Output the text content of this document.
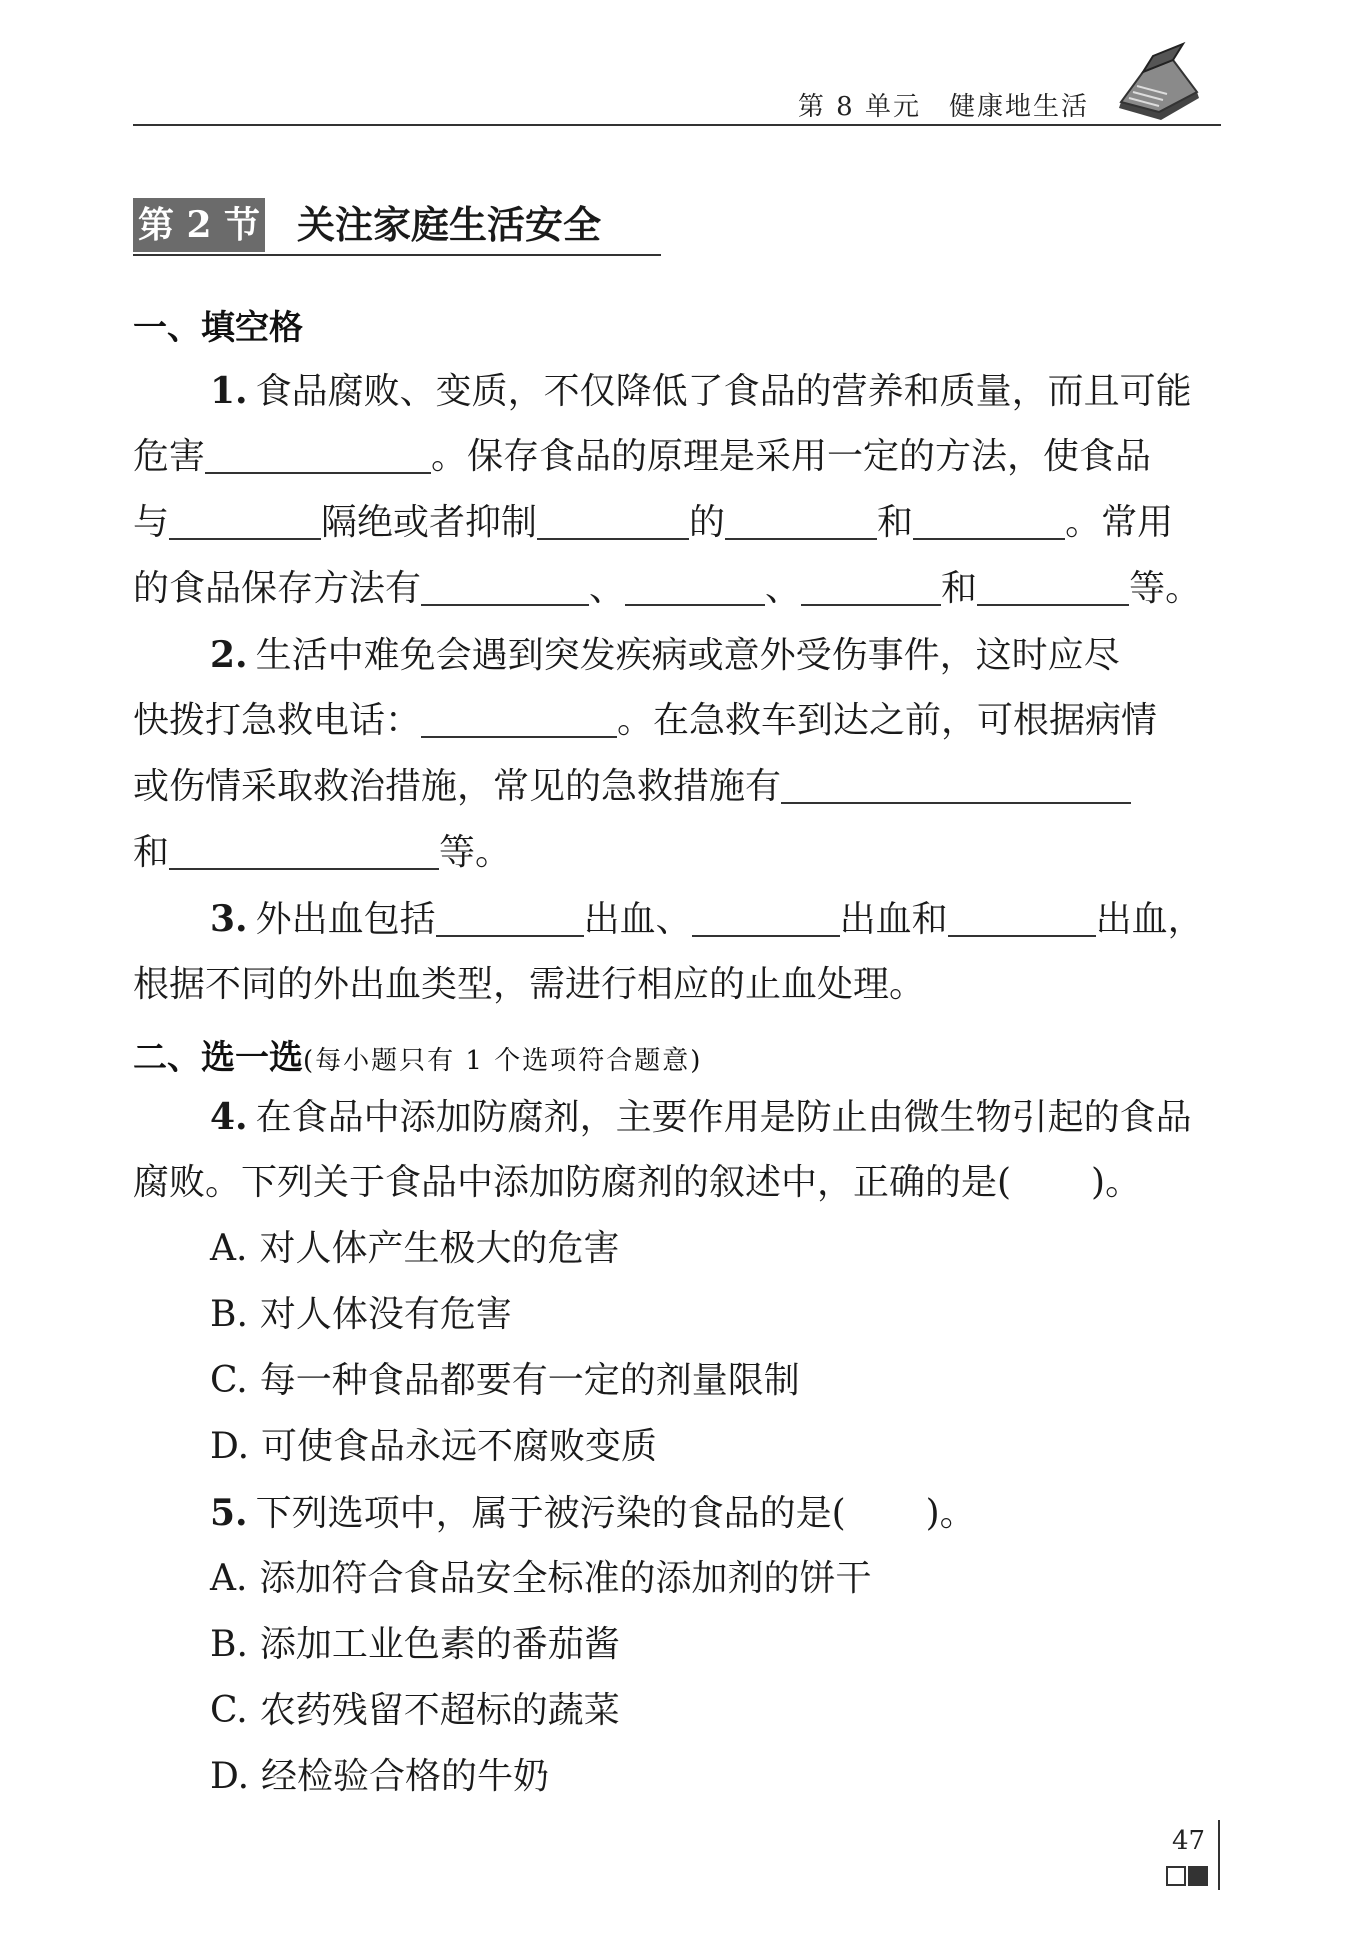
第 8 单元　健康地生活
第 2 节 关注家庭生活安全
一、填空格
1. 食品腐败、变质，不仅降低了食品的营养和质量，而且可能
危害	。保存食品的原理是采用一定的方法，使食品
与	隔绝或者抑制	的	和	。常用
的食品保存方法有	、	、	和	等。
2. 生活中难免会遇到突发疾病或意外受伤事件，这时应尽
快拨打急救电话：	。在急救车到达之前，可根据病情
或伤情采取救治措施，常见的急救措施有
和	等。
3. 外出血包括	出血、	出血和	出血，
根据不同的外出血类型，需进行相应的止血处理。
二、选一选(每小题只有 1 个选项符合题意)
4. 在食品中添加防腐剂，主要作用是防止由微生物引起的食品
腐败。下列关于食品中添加防腐剂的叙述中，正确的是( )。
A. 对人体产生极大的危害
B. 对人体没有危害
C. 每一种食品都要有一定的剂量限制
D. 可使食品永远不腐败变质
5. 下列选项中，属于被污染的食品的是( )。
A. 添加符合食品安全标准的添加剂的饼干
B. 添加工业色素的番茄酱
C. 农药残留不超标的蔬菜
D. 经检验合格的牛奶
47
